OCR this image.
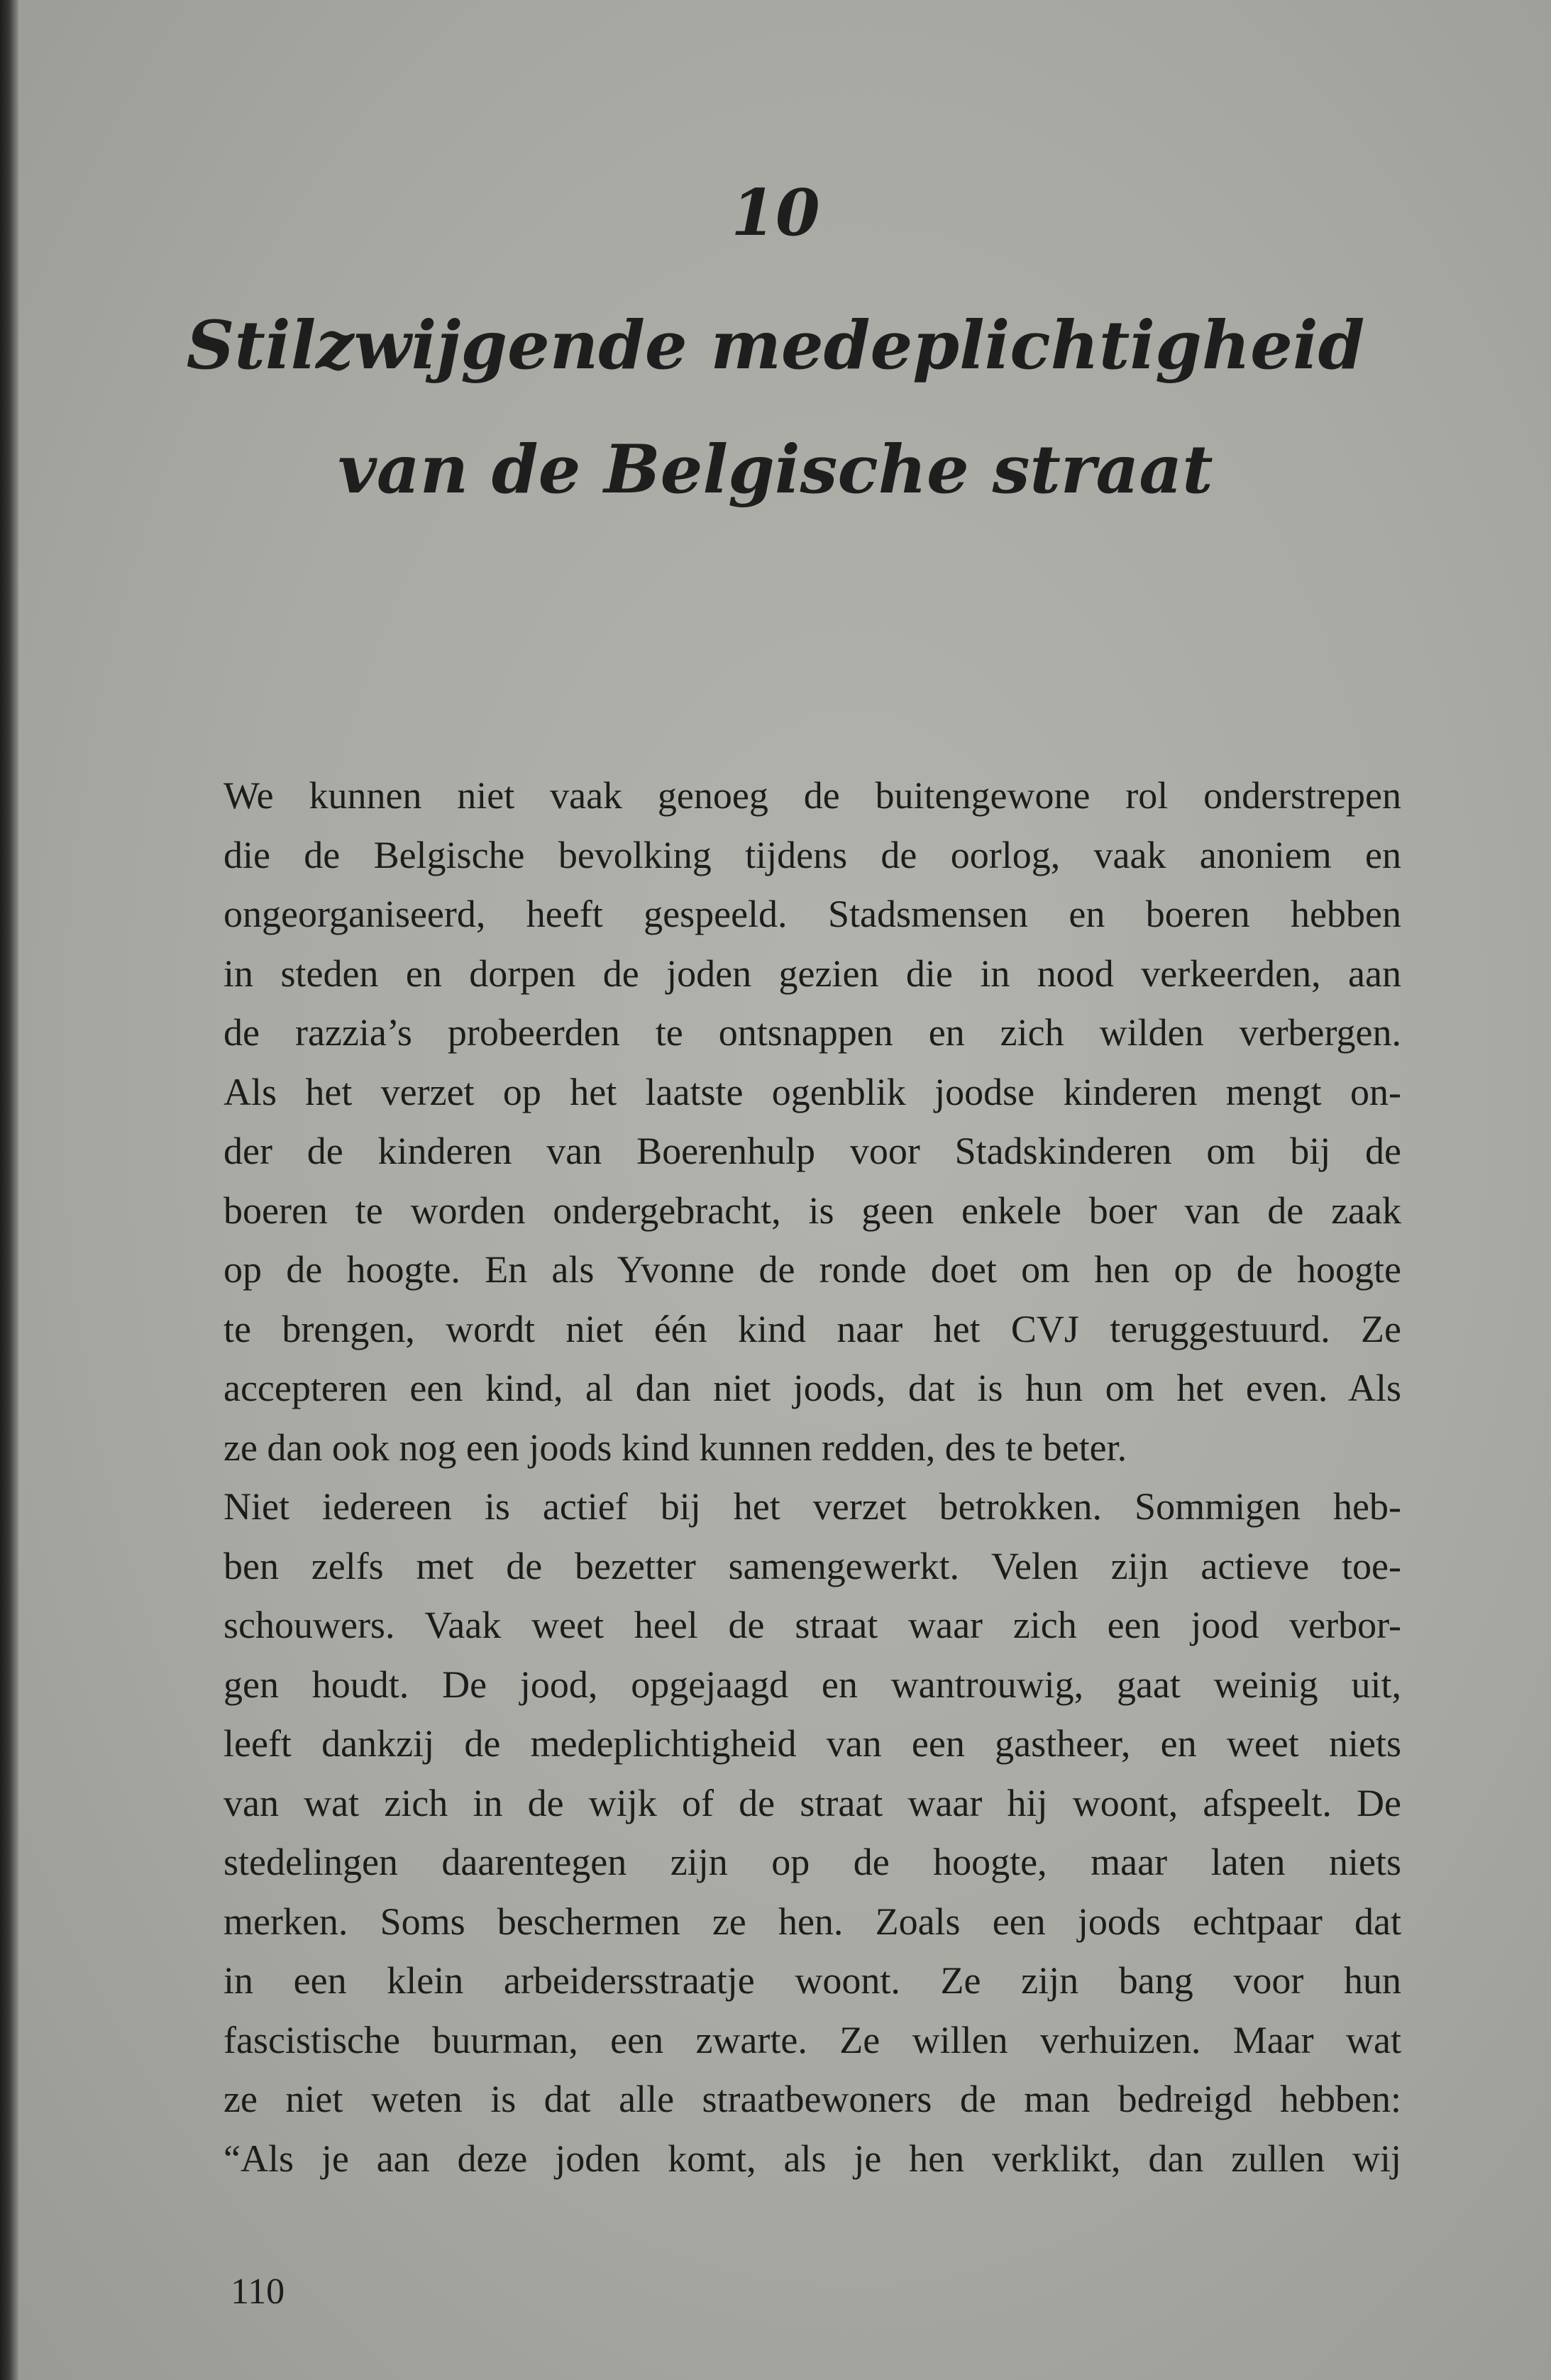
10
Stilzwijgende medeplichtigheid
van de Belgische straat
We kunnen niet vaak genoeg de buitengewone rol onderstrepen
die de Belgische bevolking tijdens de oorlog, vaak anoniem en
ongeorganiseerd, heeft gespeeld. Stadsmensen en boeren hebben
in steden en dorpen de joden gezien die in nood verkeerden, aan
de razzia’s probeerden te ontsnappen en zich wilden verbergen.
Als het verzet op het laatste ogenblik joodse kinderen mengt on-
der de kinderen van Boerenhulp voor Stadskinderen om bij de
boeren te worden ondergebracht, is geen enkele boer van de zaak
op de hoogte. En als Yvonne de ronde doet om hen op de hoogte
te brengen, wordt niet één kind naar het CVJ teruggestuurd. Ze
accepteren een kind, al dan niet joods, dat is hun om het even. Als
ze dan ook nog een joods kind kunnen redden, des te beter.
Niet iedereen is actief bij het verzet betrokken. Sommigen heb-
ben zelfs met de bezetter samengewerkt. Velen zijn actieve toe-
schouwers. Vaak weet heel de straat waar zich een jood verbor-
gen houdt. De jood, opgejaagd en wantrouwig, gaat weinig uit,
leeft dankzij de medeplichtigheid van een gastheer, en weet niets
van wat zich in de wijk of de straat waar hij woont, afspeelt. De
stedelingen daarentegen zijn op de hoogte, maar laten niets
merken. Soms beschermen ze hen. Zoals een joods echtpaar dat
in een klein arbeidersstraatje woont. Ze zijn bang voor hun
fascistische buurman, een zwarte. Ze willen verhuizen. Maar wat
ze niet weten is dat alle straatbewoners de man bedreigd hebben:
“Als je aan deze joden komt, als je hen verklikt, dan zullen wij
110
